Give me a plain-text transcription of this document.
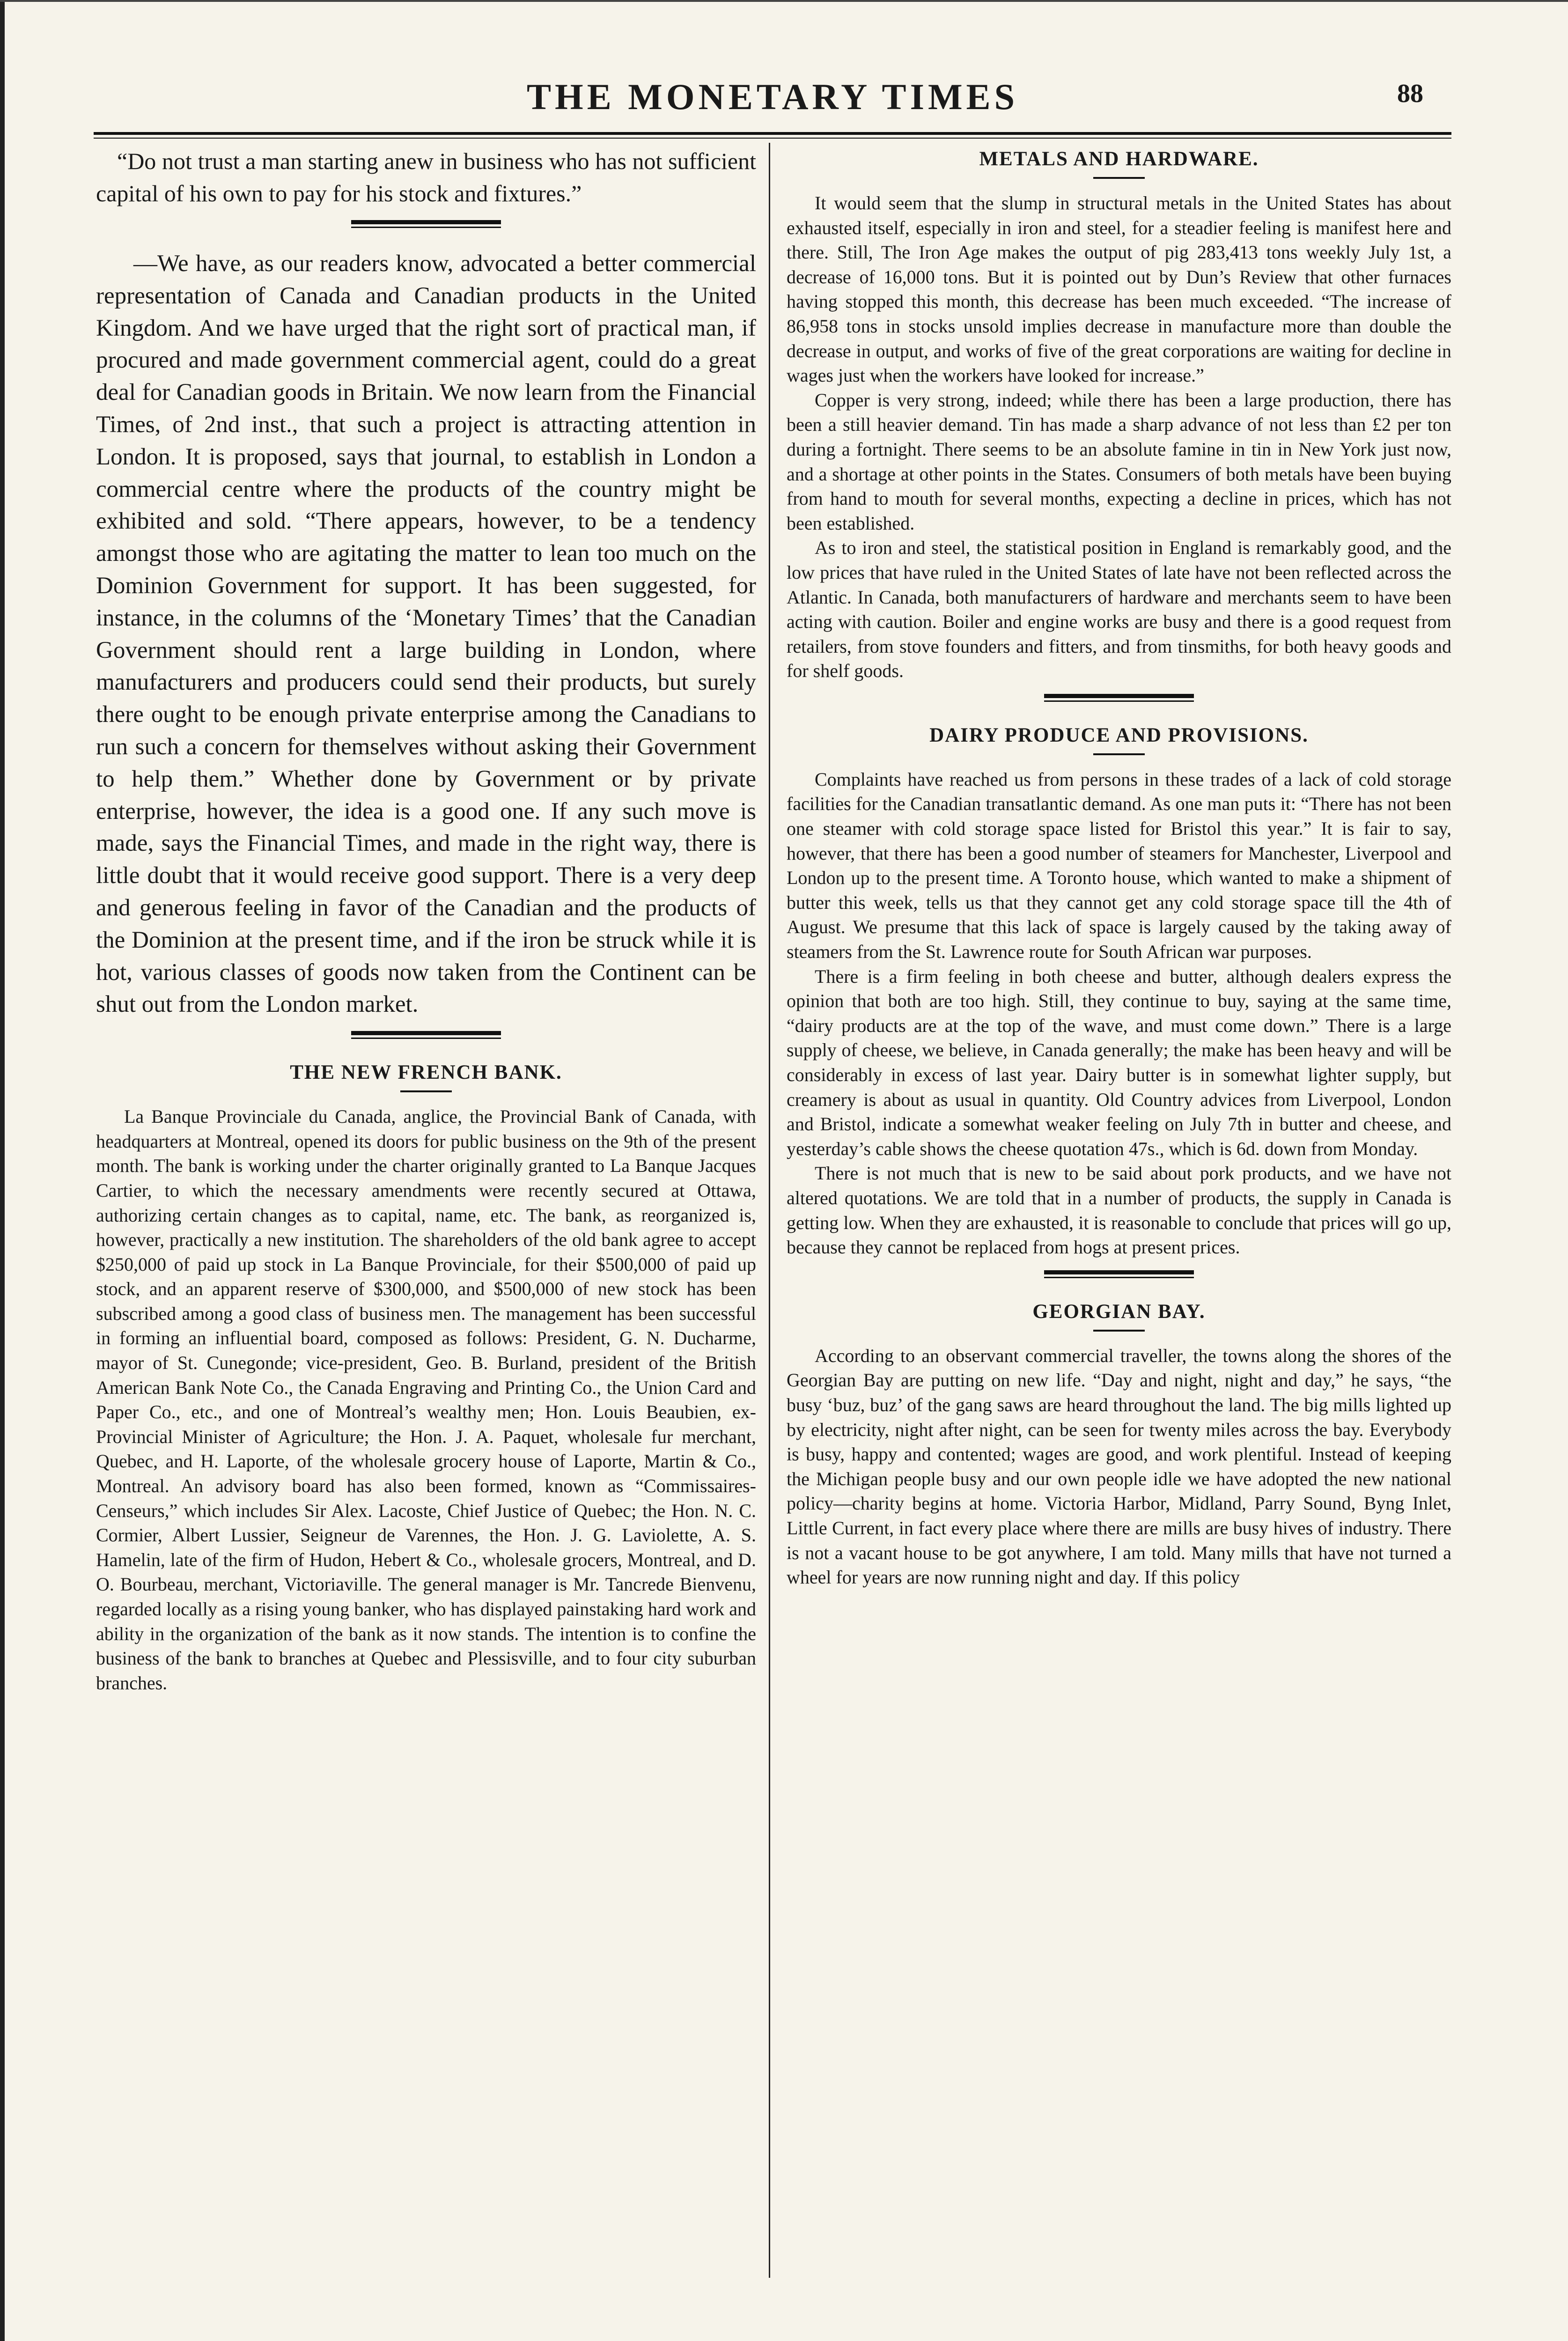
THE MONETARY TIMES	88

“Do not trust a man starting anew in business who has not sufficient capital of his own to pay for his stock and fixtures.”

—We have, as our readers know, advocated a better commercial representation of Canada and Canadian products in the United Kingdom. And we have urged that the right sort of practical man, if procured and made government commercial agent, could do a great deal for Canadian goods in Britain. We now learn from the Financial Times, of 2nd inst., that such a project is attracting attention in London. It is proposed, says that journal, to establish in London a commercial centre where the products of the country might be exhibited and sold. “There appears, however, to be a tendency amongst those who are agitating the matter to lean too much on the Dominion Government for support. It has been suggested, for instance, in the columns of the ‘Monetary Times’ that the Canadian Government should rent a large building in London, where manufacturers and producers could send their products, but surely there ought to be enough private enterprise among the Canadians to run such a concern for themselves without asking their Government to help them.” Whether done by Government or by private enterprise, however, the idea is a good one. If any such move is made, says the Financial Times, and made in the right way, there is little doubt that it would receive good support. There is a very deep and generous feeling in favor of the Canadian and the products of the Dominion at the present time, and if the iron be struck while it is hot, various classes of goods now taken from the Continent can be shut out from the London market.

THE NEW FRENCH BANK.

La Banque Provinciale du Canada, anglice, the Provincial Bank of Canada, with headquarters at Montreal, opened its doors for public business on the 9th of the present month. The bank is working under the charter originally granted to La Banque Jacques Cartier, to which the necessary amendments were recently secured at Ottawa, authorizing certain changes as to capital, name, etc. The bank, as reorganized is, however, practically a new institution. The shareholders of the old bank agree to accept $250,000 of paid up stock in La Banque Provinciale, for their $500,000 of paid up stock, and an apparent reserve of $300,000, and $500,000 of new stock has been subscribed among a good class of business men. The management has been successful in forming an influential board, composed as follows: President, G. N. Ducharme, mayor of St. Cunegonde; vice-president, Geo. B. Burland, president of the British American Bank Note Co., the Canada Engraving and Printing Co., the Union Card and Paper Co., etc., and one of Montreal’s wealthy men; Hon. Louis Beaubien, ex-Provincial Minister of Agriculture; the Hon. J. A. Paquet, wholesale fur merchant, Quebec, and H. Laporte, of the wholesale grocery house of Laporte, Martin & Co., Montreal. An advisory board has also been formed, known as “Commissaires-Censeurs,” which includes Sir Alex. Lacoste, Chief Justice of Quebec; the Hon. N. C. Cormier, Albert Lussier, Seigneur de Varennes, the Hon. J. G. Laviolette, A. S. Hamelin, late of the firm of Hudon, Hebert & Co., wholesale grocers, Montreal, and D. O. Bourbeau, merchant, Victoriaville. The general manager is Mr. Tancrede Bienvenu, regarded locally as a rising young banker, who has displayed painstaking hard work and ability in the organization of the bank as it now stands. The intention is to confine the business of the bank to branches at Quebec and Plessisville, and to four city suburban branches.

METALS AND HARDWARE.

It would seem that the slump in structural metals in the United States has about exhausted itself, especially in iron and steel, for a steadier feeling is manifest here and there. Still, The Iron Age makes the output of pig 283,413 tons weekly July 1st, a decrease of 16,000 tons. But it is pointed out by Dun’s Review that other furnaces having stopped this month, this decrease has been much exceeded. “The increase of 86,958 tons in stocks unsold implies decrease in manufacture more than double the decrease in output, and works of five of the great corporations are waiting for decline in wages just when the workers have looked for increase.”

Copper is very strong, indeed; while there has been a large production, there has been a still heavier demand. Tin has made a sharp advance of not less than £2 per ton during a fortnight. There seems to be an absolute famine in tin in New York just now, and a shortage at other points in the States. Consumers of both metals have been buying from hand to mouth for several months, expecting a decline in prices, which has not been established.

As to iron and steel, the statistical position in England is remarkably good, and the low prices that have ruled in the United States of late have not been reflected across the Atlantic. In Canada, both manufacturers of hardware and merchants seem to have been acting with caution. Boiler and engine works are busy and there is a good request from retailers, from stove founders and fitters, and from tinsmiths, for both heavy goods and for shelf goods.

DAIRY PRODUCE AND PROVISIONS.

Complaints have reached us from persons in these trades of a lack of cold storage facilities for the Canadian transatlantic demand. As one man puts it: “There has not been one steamer with cold storage space listed for Bristol this year.” It is fair to say, however, that there has been a good number of steamers for Manchester, Liverpool and London up to the present time. A Toronto house, which wanted to make a shipment of butter this week, tells us that they cannot get any cold storage space till the 4th of August. We presume that this lack of space is largely caused by the taking away of steamers from the St. Lawrence route for South African war purposes.

There is a firm feeling in both cheese and butter, although dealers express the opinion that both are too high. Still, they continue to buy, saying at the same time, “dairy products are at the top of the wave, and must come down.” There is a large supply of cheese, we believe, in Canada generally; the make has been heavy and will be considerably in excess of last year. Dairy butter is in somewhat lighter supply, but creamery is about as usual in quantity. Old Country advices from Liverpool, London and Bristol, indicate a somewhat weaker feeling on July 7th in butter and cheese, and yesterday’s cable shows the cheese quotation 47s., which is 6d. down from Monday.

There is not much that is new to be said about pork products, and we have not altered quotations. We are told that in a number of products, the supply in Canada is getting low. When they are exhausted, it is reasonable to conclude that prices will go up, because they cannot be replaced from hogs at present prices.

GEORGIAN BAY.

According to an observant commercial traveller, the towns along the shores of the Georgian Bay are putting on new life. “Day and night, night and day,” he says, “the busy ‘buz, buz’ of the gang saws are heard throughout the land. The big mills lighted up by electricity, night after night, can be seen for twenty miles across the bay. Everybody is busy, happy and contented; wages are good, and work plentiful. Instead of keeping the Michigan people busy and our own people idle we have adopted the new national policy—charity begins at home. Victoria Harbor, Midland, Parry Sound, Byng Inlet, Little Current, in fact every place where there are mills are busy hives of industry. There is not a vacant house to be got anywhere, I am told. Many mills that have not turned a wheel for years are now running night and day. If this policy
